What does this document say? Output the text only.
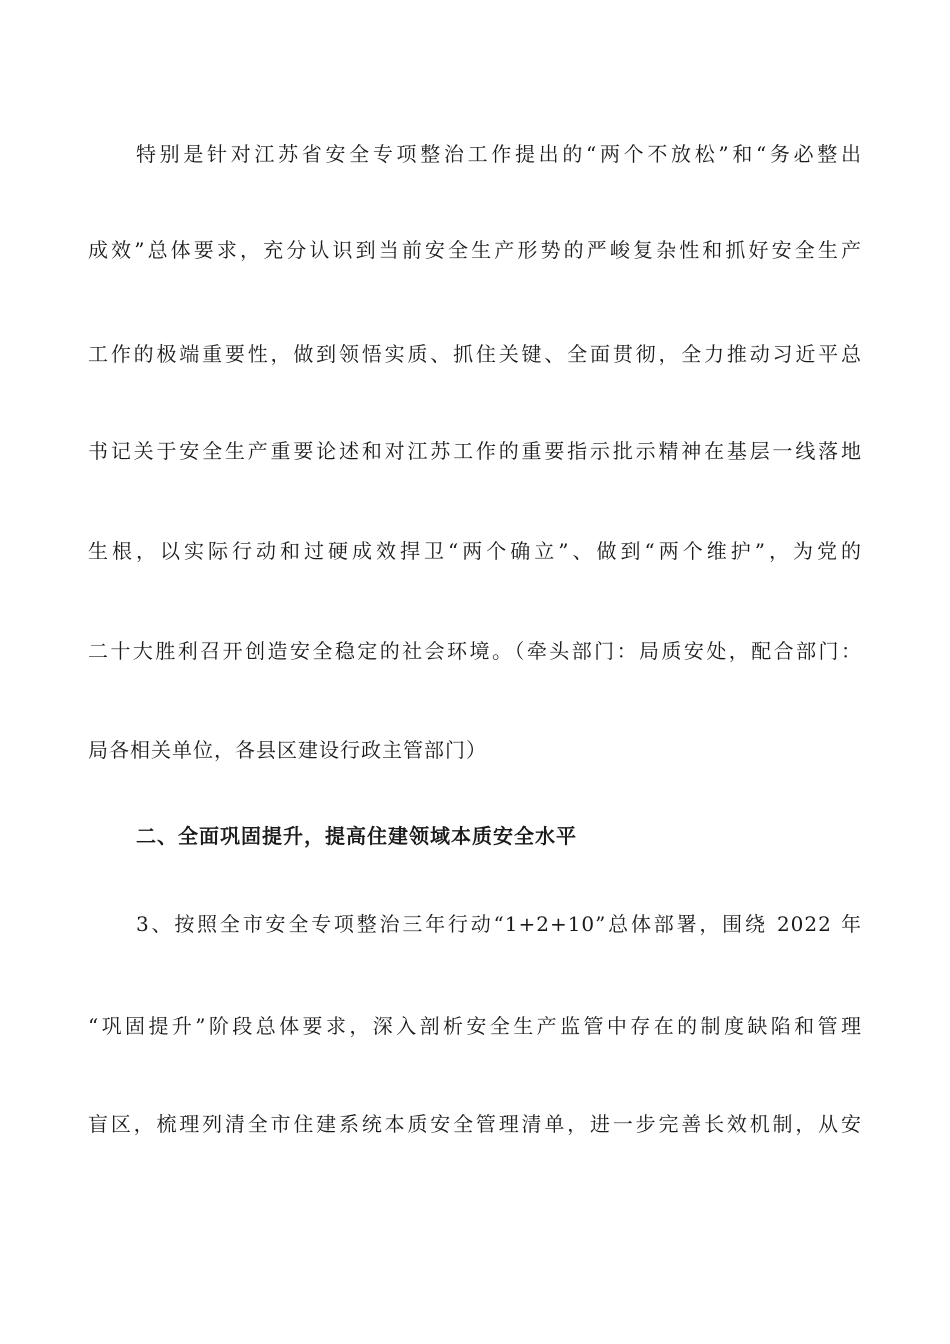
特别是针对江苏省安全专项整治工作提出的“两个不放松”和“务必整出
成效”总体要求，充分认识到当前安全生产形势的严峻复杂性和抓好安全生产
工作的极端重要性，做到领悟实质、抓住关键、全面贯彻，全力推动习近平总
书记关于安全生产重要论述和对江苏工作的重要指示批示精神在基层一线落地
生根，以实际行动和过硬成效捍卫“两个确立”、做到“两个维护”，为党的
二十大胜利召开创造安全稳定的社会环境。（牵头部门：局质安处，配合部门：
局各相关单位，各县区建设行政主管部门）
二、全面巩固提升，提高住建领域本质安全水平
3、按照全市安全专项整治三年行动“1+2+10”总体部署，围绕 2022 年
“巩固提升”阶段总体要求，深入剖析安全生产监管中存在的制度缺陷和管理
盲区，梳理列清全市住建系统本质安全管理清单，进一步完善长效机制，从安
